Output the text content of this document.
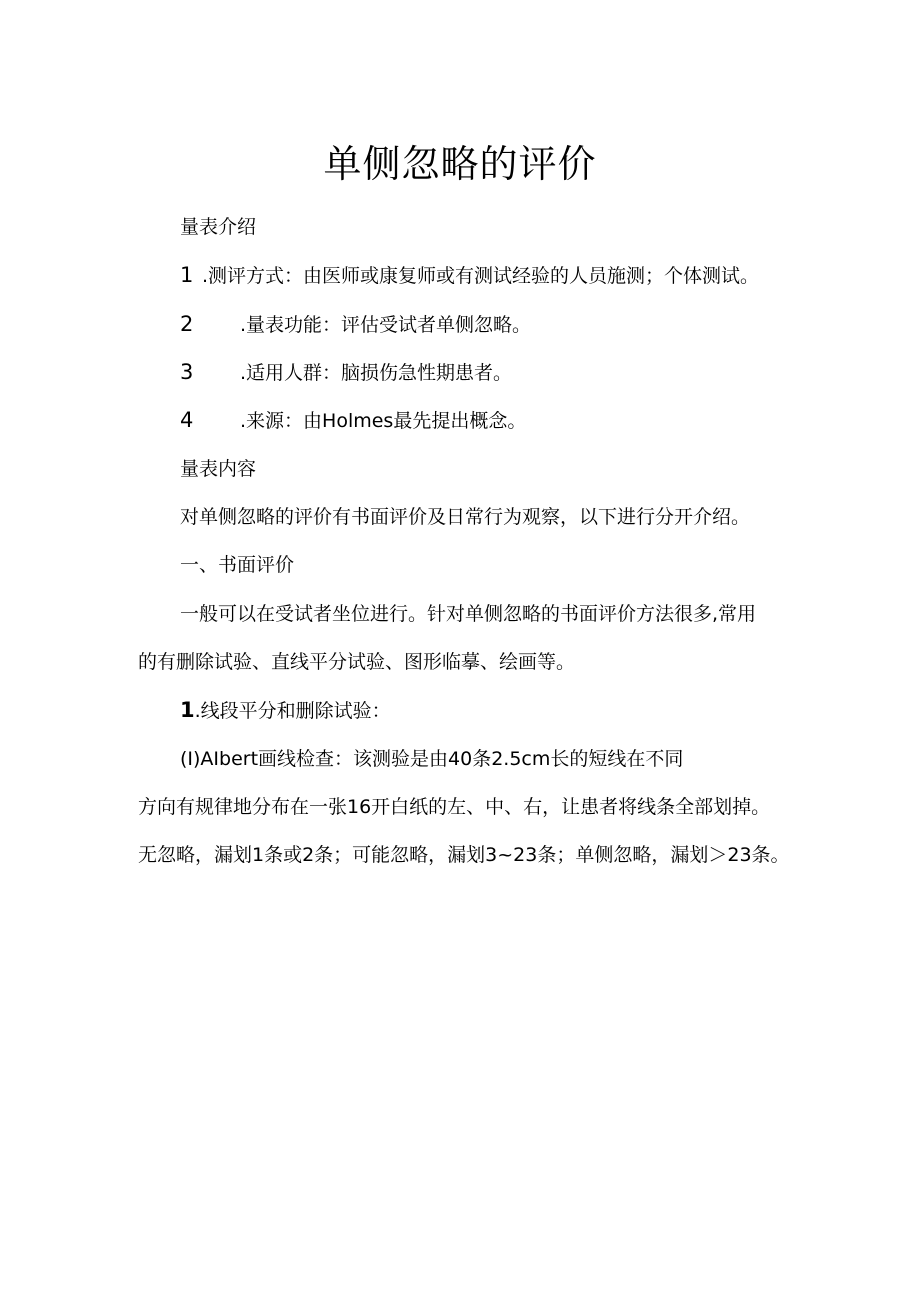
单侧忽略的评价
量表介绍
1 .测评方式：由医师或康复师或有测试经验的人员施测；个体测试。
2 .量表功能：评估受试者单侧忽略。
3 .适用人群：脑损伤急性期患者。
4 .来源：由Holmes最先提出概念。
量表内容
对单侧忽略的评价有书面评价及日常行为观察，以下进行分开介绍。
一、书面评价
一般可以在受试者坐位进行。针对单侧忽略的书面评价方法很多,常用
的有删除试验、直线平分试验、图形临摹、绘画等。
1.线段平分和删除试验：
(I)AIbert画线检查：该测验是由40条2.5cm长的短线在不同
方向有规律地分布在一张16开白纸的左、中、右，让患者将线条全部划掉。
无忽略，漏划1条或2条；可能忽略，漏划3~23条；单侧忽略，漏划＞23条。
